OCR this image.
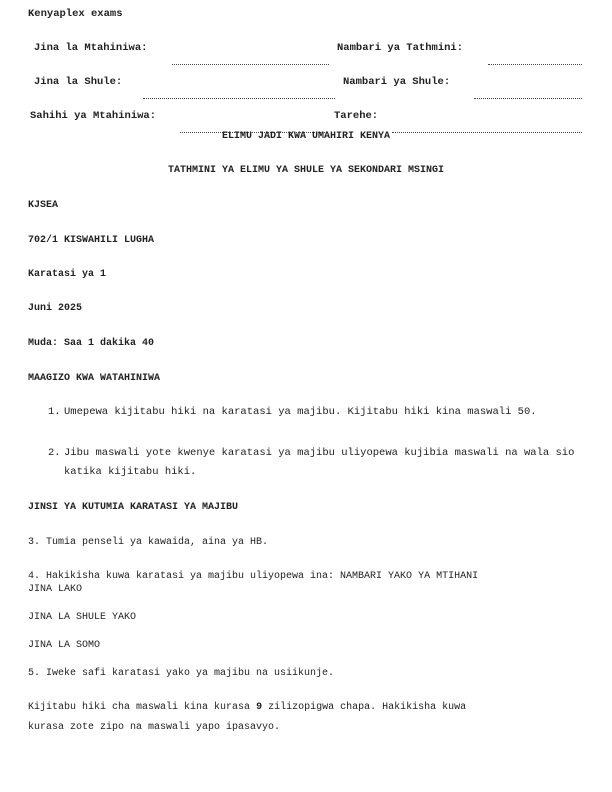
Kenyaplex exams
Jina la Mtahiniwa:	Nambari ya Tathmini:
Jina la Shule:	Nambari ya Shule:
Sahihi ya Mtahiniwa:	Tarehe:
ELIMU JADI KWA UMAHIRI KENYA
TATHMINI YA ELIMU YA SHULE YA SEKONDARI MSINGI
KJSEA
702/1 KISWAHILI LUGHA
Karatasi ya 1
Juni 2025
Muda: Saa 1 dakika 40
MAAGIZO KWA WATAHINIWA
1. Umepewa kijitabu hiki na karatasi ya majibu. Kijitabu hiki kina maswali 50.
2. Jibu maswali yote kwenye karatasi ya majibu uliyopewa kujibia maswali na wala sio katika kijitabu hiki.
JINSI YA KUTUMIA KARATASI YA MAJIBU
3. Tumia penseli ya kawaida, aina ya HB.
4. Hakikisha kuwa karatasi ya majibu uliyopewa ina: NAMBARI YAKO YA MTIHANI
JINA LAKO
JINA LA SHULE YAKO
JINA LA SOMO
5. Iweke safi karatasi yako ya majibu na usiikunje.
Kijitabu hiki cha maswali kina kurasa 9 zilizopigwa chapa. Hakikisha kuwa
kurasa zote zipo na maswali yapo ipasavyo.
